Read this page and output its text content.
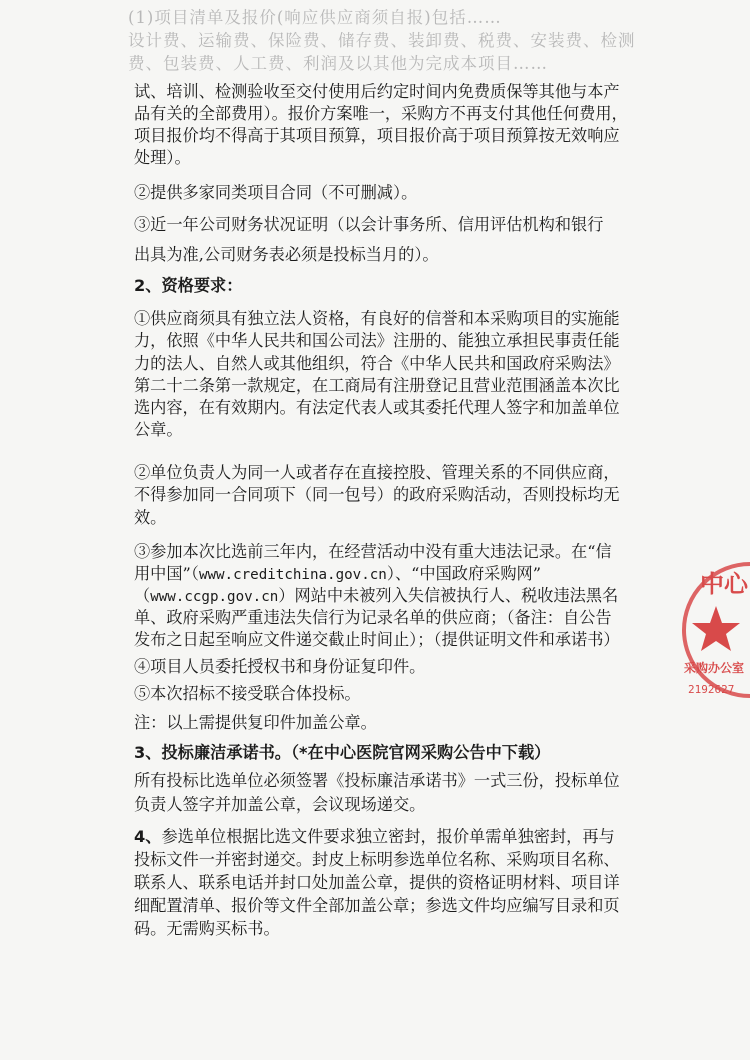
(1)项目清单及报价(响应供应商须自报)包括……
设计费、运输费、保险费、储存费、装卸费、税费、安装费、检测
费、包装费、人工费、利润及以其他为完成本项目……
试、培训、检测验收至交付使用后约定时间内免费质保等其他与本产
品有关的全部费用）。报价方案唯一，采购方不再支付其他任何费用，
项目报价均不得高于其项目预算，项目报价高于项目预算按无效响应
处理）。
②提供多家同类项目合同（不可删减）。
③近一年公司财务状况证明（以会计事务所、信用评估机构和银行
出具为准,公司财务表必须是投标当月的）。
2、资格要求：
①供应商须具有独立法人资格，有良好的信誉和本采购项目的实施能
力，依照《中华人民共和国公司法》注册的、能独立承担民事责任能
力的法人、自然人或其他组织，符合《中华人民共和国政府采购法》
第二十二条第一款规定，在工商局有注册登记且营业范围涵盖本次比
选内容，在有效期内。有法定代表人或其委托代理人签字和加盖单位
公章。
②单位负责人为同一人或者存在直接控股、管理关系的不同供应商，
不得参加同一合同项下（同一包号）的政府采购活动，否则投标均无
效。
③参加本次比选前三年内，在经营活动中没有重大违法记录。在“信
用中国”（www.creditchina.gov.cn）、“中国政府采购网”
（www.ccgp.gov.cn）网站中未被列入失信被执行人、税收违法黑名
单、政府采购严重违法失信行为记录名单的供应商；（备注：自公告
发布之日起至响应文件递交截止时间止）；（提供证明文件和承诺书）
④项目人员委托授权书和身份证复印件。
⑤本次招标不接受联合体投标。
注：以上需提供复印件加盖公章。
3、投标廉洁承诺书。（*在中心医院官网采购公告中下载）
所有投标比选单位必须签署《投标廉洁承诺书》一式三份，投标单位
负责人签字并加盖公章，会议现场递交。
4、参选单位根据比选文件要求独立密封，报价单需单独密封，再与
投标文件一并密封递交。封皮上标明参选单位名称、采购项目名称、
联系人、联系电话并封口处加盖公章，提供的资格证明材料、项目详
细配置清单、报价等文件全部加盖公章；参选文件均应编写目录和页
码。无需购买标书。
中心
采购办公室
2192627
